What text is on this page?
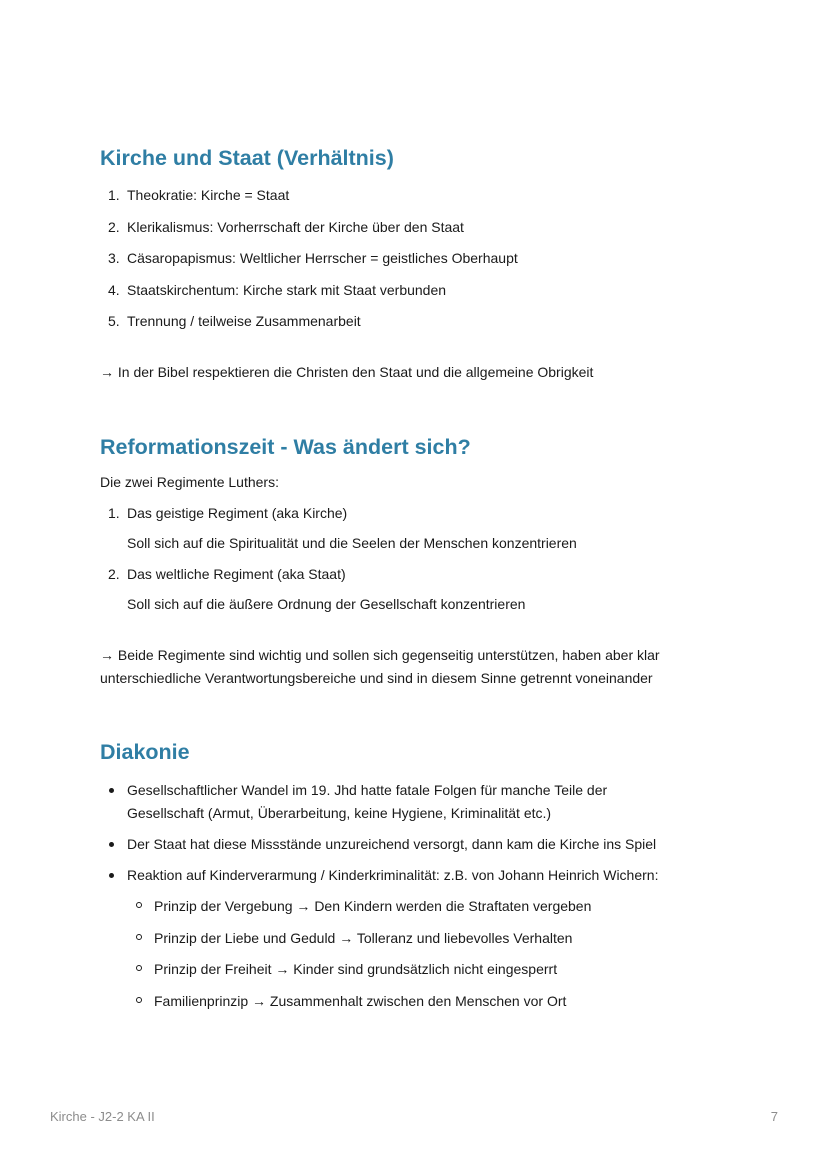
Kirche und Staat (Verhältnis)
1. Theokratie: Kirche = Staat
2. Klerikalismus: Vorherrschaft der Kirche über den Staat
3. Cäsaropapismus: Weltlicher Herrscher = geistliches Oberhaupt
4. Staatskirchentum: Kirche stark mit Staat verbunden
5. Trennung / teilweise Zusammenarbeit

→ In der Bibel respektieren die Christen den Staat und die allgemeine Obrigkeit

Reformationszeit - Was ändert sich?

Die zwei Regimente Luthers:

1. Das geistige Regiment (aka Kirche)
Soll sich auf die Spiritualität und die Seelen der Menschen konzentrieren
2. Das weltliche Regiment (aka Staat)
Soll sich auf die äußere Ordnung der Gesellschaft konzentrieren
→ Beide Regimente sind wichtig und sollen sich gegenseitig unterstützen, haben aber klar
unterschiedliche Verantwortungsbereiche und sind in diesem Sinne getrennt voneinander
Diakonie
Gesellschaftlicher Wandel im 19. Jhd hatte fatale Folgen für manche Teile der
Gesellschaft (Armut, Überarbeitung, keine Hygiene, Kriminalität etc.)
Der Staat hat diese Missstände unzureichend versorgt, dann kam die Kirche ins Spiel
Reaktion auf Kinderverarmung / Kinderkriminalität: z.B. von Johann Heinrich Wichern:
Prinzip der Vergebung → Den Kindern werden die Straftaten vergeben
Prinzip der Liebe und Geduld → Tolleranz und liebevolles Verhalten
Prinzip der Freiheit → Kinder sind grundsätzlich nicht eingesperrt
Familienprinzip → Zusammenhalt zwischen den Menschen vor Ort
Kirche - J2-2 KA II	7
